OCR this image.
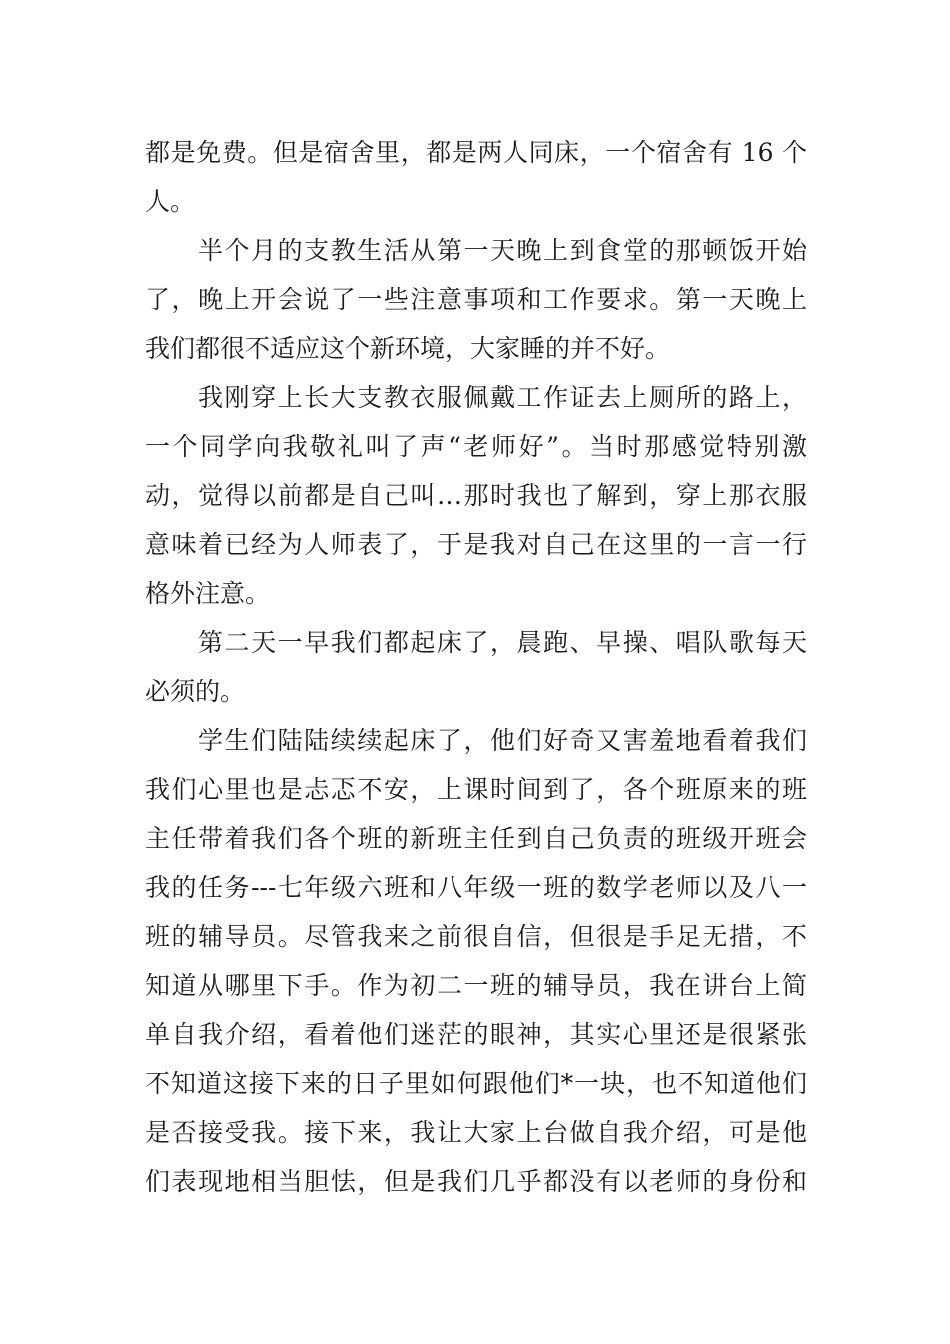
都是免费。但是宿舍里，都是两人同床，一个宿舍有 16 个
人。
半个月的支教生活从第一天晚上到食堂的那顿饭开始
了，晚上开会说了一些注意事项和工作要求。第一天晚上
我们都很不适应这个新环境，大家睡的并不好。
我刚穿上长大支教衣服佩戴工作证去上厕所的路上，
一个同学向我敬礼叫了声“老师好”。当时那感觉特别激
动，觉得以前都是自己叫…那时我也了解到，穿上那衣服
意味着已经为人师表了，于是我对自己在这里的一言一行
格外注意。
第二天一早我们都起床了，晨跑、早操、唱队歌每天
必须的。
学生们陆陆续续起床了，他们好奇又害羞地看着我们
我们心里也是忐忑不安，上课时间到了，各个班原来的班
主任带着我们各个班的新班主任到自己负责的班级开班会
我的任务---七年级六班和八年级一班的数学老师以及八一
班的辅导员。尽管我来之前很自信，但很是手足无措，不
知道从哪里下手。作为初二一班的辅导员，我在讲台上简
单自我介绍，看着他们迷茫的眼神，其实心里还是很紧张
不知道这接下来的日子里如何跟他们*一块，也不知道他们
是否接受我。接下来，我让大家上台做自我介绍，可是他
们表现地相当胆怯，但是我们几乎都没有以老师的身份和
